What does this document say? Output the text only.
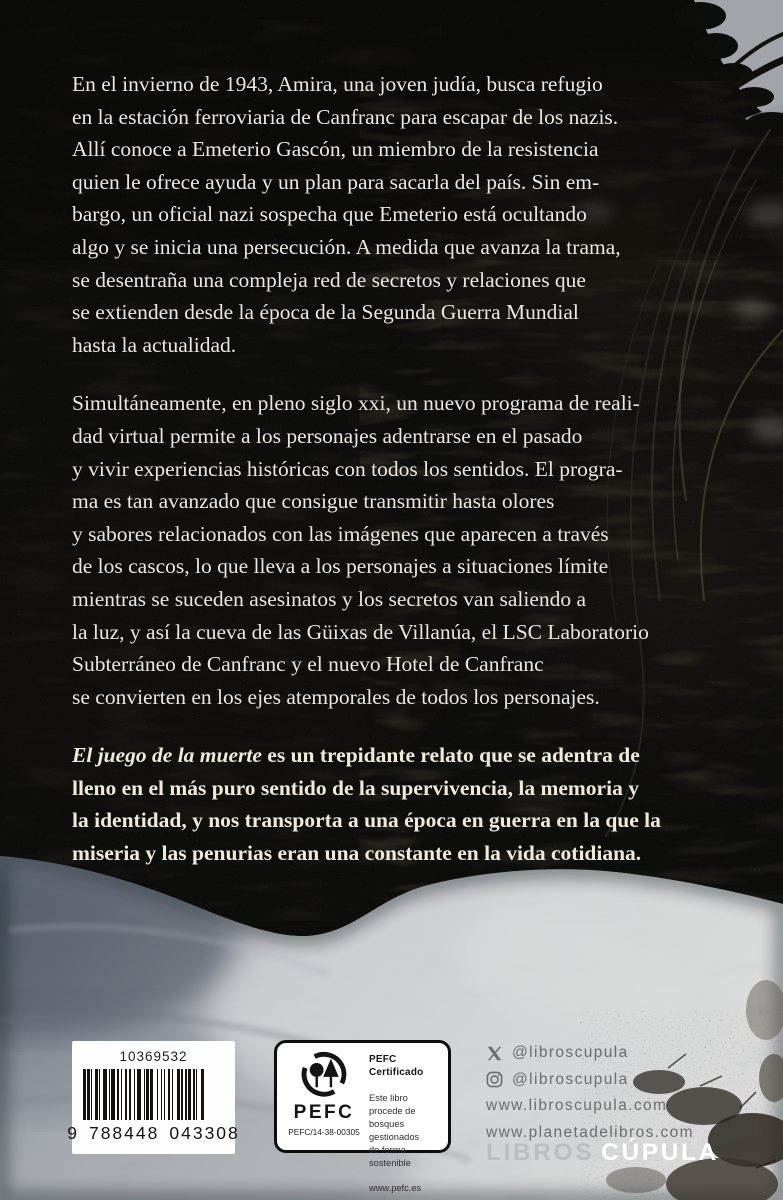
En el invierno de 1943, Amira, una joven judía, busca refugio
en la estación ferroviaria de Canfranc para escapar de los nazis.
Allí conoce a Emeterio Gascón, un miembro de la resistencia
quien le ofrece ayuda y un plan para sacarla del país. Sin em-
bargo, un oficial nazi sospecha que Emeterio está ocultando
algo y se inicia una persecución. A medida que avanza la trama,
se desentraña una compleja red de secretos y relaciones que
se extienden desde la época de la Segunda Guerra Mundial
hasta la actualidad.
Simultáneamente, en pleno siglo xxi, un nuevo programa de reali-
dad virtual permite a los personajes adentrarse en el pasado
y vivir experiencias históricas con todos los sentidos. El progra-
ma es tan avanzado que consigue transmitir hasta olores
y sabores relacionados con las imágenes que aparecen a través
de los cascos, lo que lleva a los personajes a situaciones límite
mientras se suceden asesinatos y los secretos van saliendo a
la luz, y así la cueva de las Güixas de Villanúa, el LSC Laboratorio
Subterráneo de Canfranc y el nuevo Hotel de Canfranc
se convierten en los ejes atemporales de todos los personajes.
El juego de la muerte es un trepidante relato que se adentra de
lleno en el más puro sentido de la supervivencia, la memoria y
la identidad, y nos transporta a una época en guerra en la que la
miseria y las penurias eran una constante en la vida cotidiana.
10369532
9 788448 043308
PEFC
PEFC/14-38-00305
PEFC Certificado
Este libro procede de
bosques gestionados
de forma sostenible
www.pefc.es
@libroscupula
@libroscupula
www.libroscupula.com
www.planetadelibros.com
LIBROS CÚPULA
